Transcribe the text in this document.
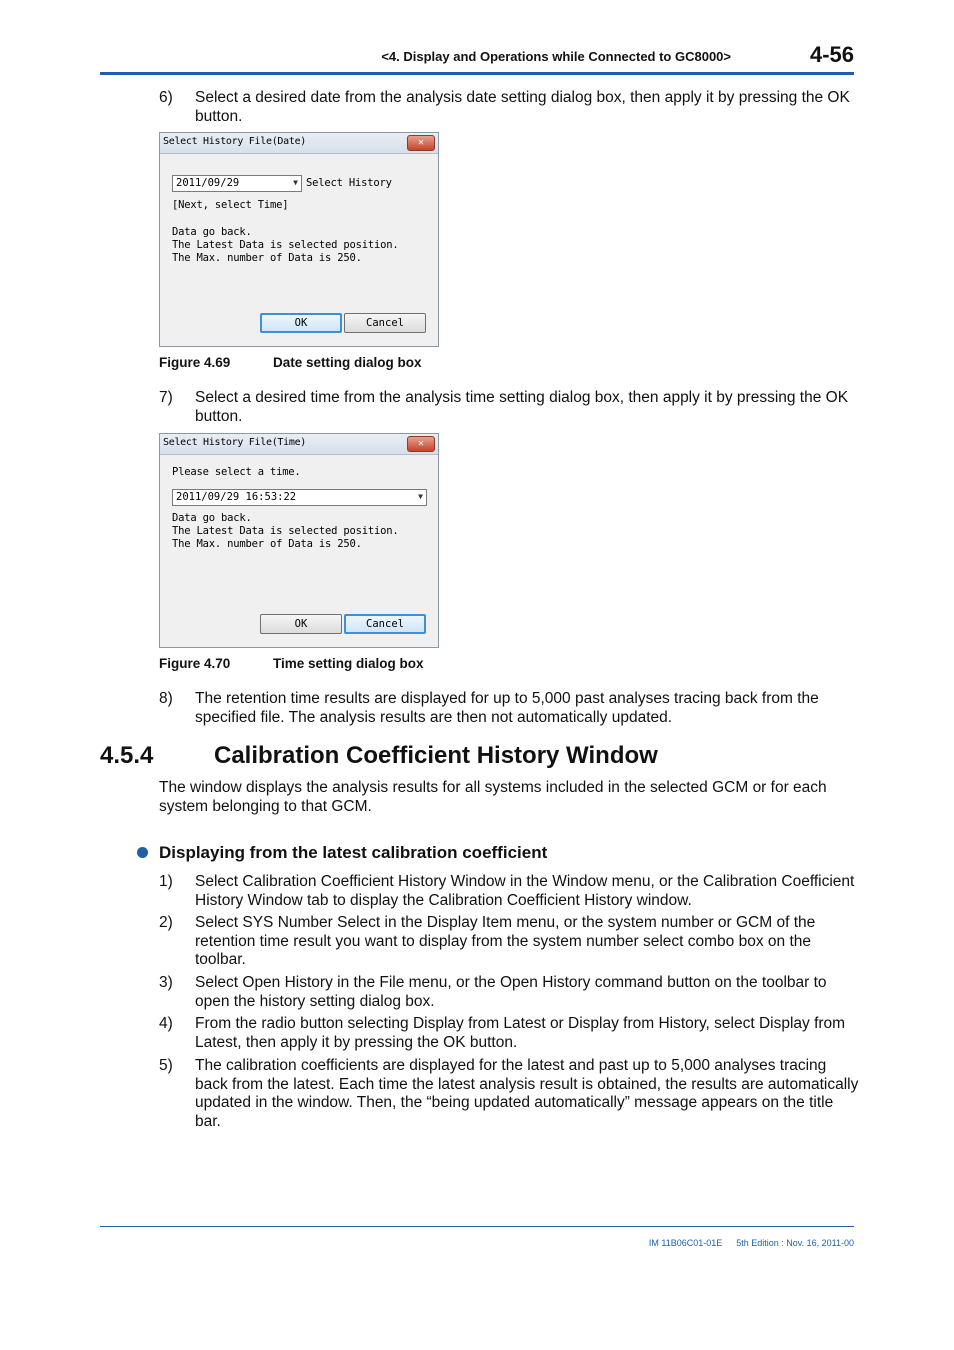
<4. Display and Operations while Connected to GC8000>	4-56
6)	Select a desired date from the analysis date setting dialog box, then apply it by pressing the OK button.
Select History File(Date)	✕
2011/09/29	▼ Select History
[Next, select Time]
Data go back.
The Latest Data is selected position.
The Max. number of Data is 250.
OK	Cancel
Figure 4.69	Date setting dialog box
7)	Select a desired time from the analysis time setting dialog box, then apply it by pressing the OK button.
Select History File(Time)	✕
Please select a time.
2011/09/29 16:53:22	▼
Data go back.
The Latest Data is selected position.
The Max. number of Data is 250.
OK	Cancel
Figure 4.70	Time setting dialog box
8)	The retention time results are displayed for up to 5,000 past analyses tracing back from the specified file. The analysis results are then not automatically updated.
4.5.4	Calibration Coefficient History Window
The window displays the analysis results for all systems included in the selected GCM or for each system belonging to that GCM.
Displaying from the latest calibration coefficient
1)	Select Calibration Coefficient History Window in the Window menu, or the Calibration Coefficient History Window tab to display the Calibration Coefficient History window.
2)	Select SYS Number Select in the Display Item menu, or the system number or GCM of the retention time result you want to display from the system number select combo box on the toolbar.
3)	Select Open History in the File menu, or the Open History command button on the toolbar to open the history setting dialog box.
4)	From the radio button selecting Display from Latest or Display from History, select Display from Latest, then apply it by pressing the OK button.
5)	The calibration coefficients are displayed for the latest and past up to 5,000 analyses tracing back from the latest. Each time the latest analysis result is obtained, the results are automatically updated in the window. Then, the “being updated automatically” message appears on the title bar.
IM 11B06C01-01E 5th Edition : Nov. 16, 2011-00
